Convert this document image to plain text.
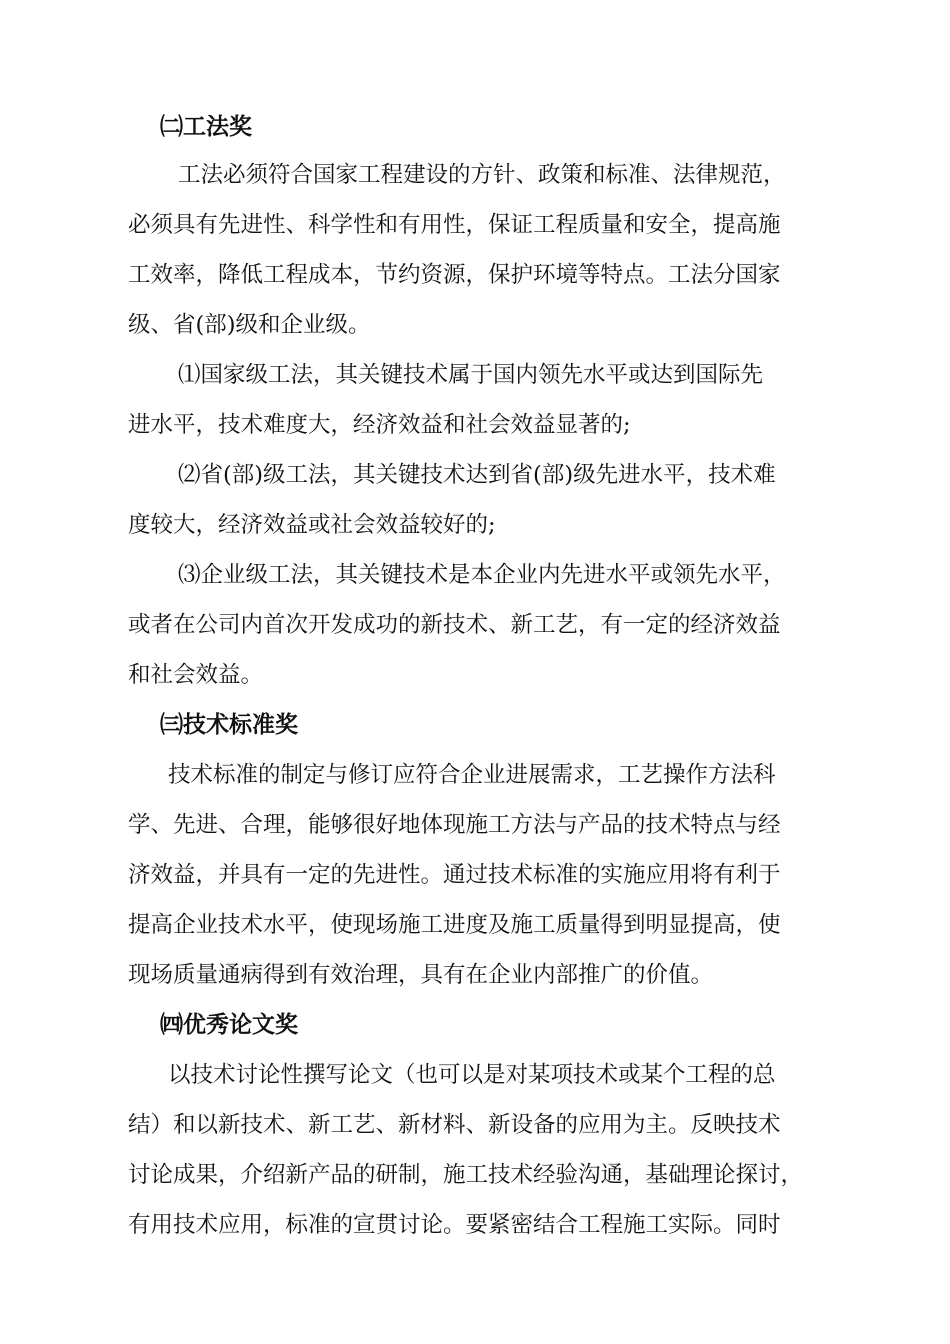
㈡工法奖
工法必须符合国家工程建设的方针、政策和标准、法律规范，
必须具有先进性、科学性和有用性，保证工程质量和安全，提高施
工效率，降低工程成本，节约资源，保护环境等特点。工法分国家
级、省(部)级和企业级。
⑴国家级工法，其关键技术属于国内领先水平或达到国际先
进水平，技术难度大，经济效益和社会效益显著的;
⑵省(部)级工法，其关键技术达到省(部)级先进水平，技术难
度较大，经济效益或社会效益较好的;
⑶企业级工法，其关键技术是本企业内先进水平或领先水平，
或者在公司内首次开发成功的新技术、新工艺，有一定的经济效益
和社会效益。
㈢技术标准奖
技术标准的制定与修订应符合企业进展需求，工艺操作方法科
学、先进、合理，能够很好地体现施工方法与产品的技术特点与经
济效益，并具有一定的先进性。通过技术标准的实施应用将有利于
提高企业技术水平，使现场施工进度及施工质量得到明显提高，使
现场质量通病得到有效治理，具有在企业内部推广的价值。
㈣优秀论文奖
以技术讨论性撰写论文（也可以是对某项技术或某个工程的总
结）和以新技术、新工艺、新材料、新设备的应用为主。反映技术
讨论成果，介绍新产品的研制，施工技术经验沟通，基础理论探讨，
有用技术应用，标准的宣贯讨论。要紧密结合工程施工实际。同时
